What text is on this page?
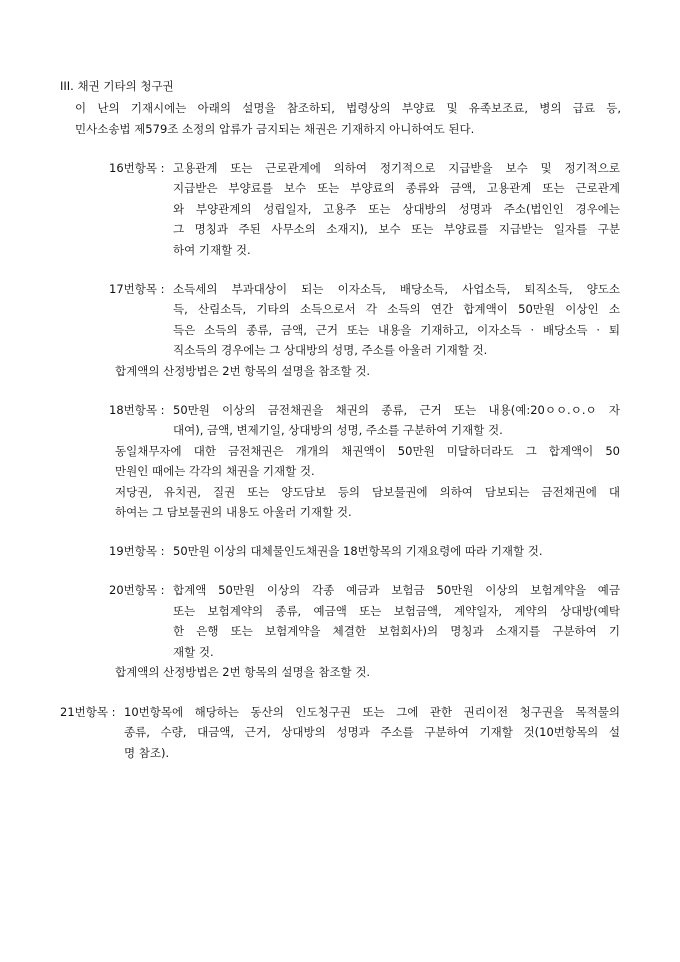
III. 채권 기타의 청구권
이 난의 기재시에는 아래의 설명을 참조하되, 법령상의 부양료 및 유족보조료, 병의 급료 등,
민사소송법 제579조 소정의 압류가 금지되는 채권은 기재하지 아니하여도 된다.
16번항목 : 고용관계 또는 근로관계에 의하여 정기적으로 지급받을 보수 및 정기적으로
지급받은 부양료를 보수 또는 부양료의 종류와 금액, 고용관계 또는 근로관계
와 부양관계의 성립일자, 고용주 또는 상대방의 성명과 주소(법인인 경우에는
그 명칭과 주된 사무소의 소재지), 보수 또는 부양료를 지급받는 일자를 구분
하여 기재할 것.
17번항목 : 소득세의 부과대상이 되는 이자소득, 배당소득, 사업소득, 퇴직소득, 양도소
득, 산림소득, 기타의 소득으로서 각 소득의 연간 합계액이 50만원 이상인 소
득은 소득의 종류, 금액, 근거 또는 내용을 기재하고, 이자소득 · 배당소득 · 퇴
직소득의 경우에는 그 상대방의 성명, 주소를 아울러 기재할 것.
합계액의 산정방법은 2번 항목의 설명을 참조할 것.
18번항목 : 50만원 이상의 금전채권을 채권의 종류, 근거 또는 내용(예:20ㅇㅇ.ㅇ.ㅇ 자
대여), 금액, 변제기일, 상대방의 성명, 주소를 구분하여 기재할 것.
동일채무자에 대한 금전채권은 개개의 채권액이 50만원 미달하더라도 그 합계액이 50
만원인 때에는 각각의 채권을 기재할 것.
저당권, 유치권, 질권 또는 양도담보 등의 담보물권에 의하여 담보되는 금전채권에 대
하여는 그 담보물권의 내용도 아울러 기재할 것.
19번항목 : 50만원 이상의 대체물인도채권을 18번항목의 기재요령에 따라 기재할 것.
20번항목 : 합계액 50만원 이상의 각종 예금과 보험금 50만원 이상의 보험계약을 예금
또는 보험계약의 종류, 예금액 또는 보험금액, 계약일자, 계약의 상대방(예탁
한 은행 또는 보험계약을 체결한 보험회사)의 명칭과 소재지를 구분하여 기
재할 것.
합계액의 산정방법은 2번 항목의 설명을 참조할 것.
21번항목 : 10번항목에 해당하는 동산의 인도청구권 또는 그에 관한 권리이전 청구권을 목적물의
종류, 수량, 대금액, 근거, 상대방의 성명과 주소를 구분하여 기재할 것(10번항목의 설
명 참조).
